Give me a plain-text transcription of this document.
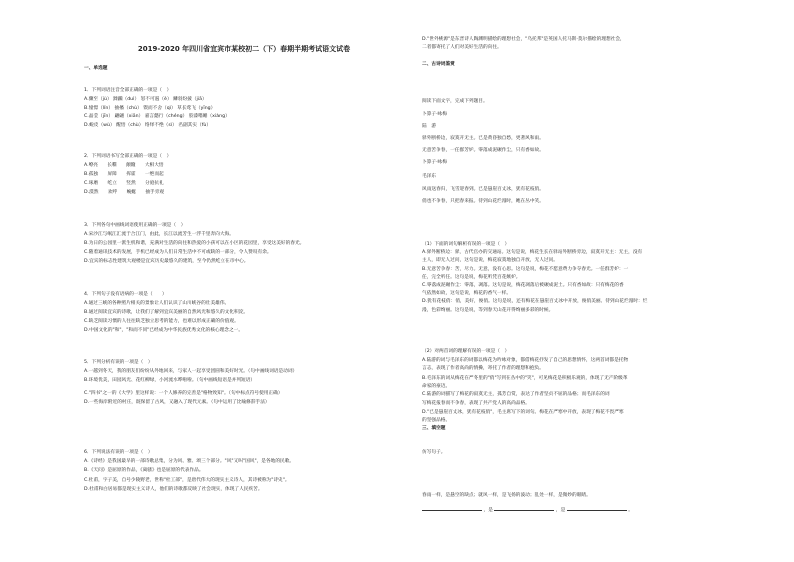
2019-2020 年四川省宜宾市某校初二（下）春期半期考试语文试卷
一、单选题
1．下列词语注音全部正确的一项是（　）
A.骤至（jù） 蹂躏（duì） 怒不可遏（è） 鳞羽纷披（jiā）
B.憧憬（lǐn） 抽搐（chù） 锲而不舍（qì） 草长莺飞（yīng）
C.晶莹（jīn） 翩翩（xiān） 嘉言懿行（chéng） 胶漆嗜睡（xiàng）
D.蜕皮（wù） 醒悟（chù） 络绎不绝（sì） 名副其实（fù）
2．下列词语书写全部正确的一项是（　）
A.嘹亮　　长嘶　　颠簸　　大相大悟
B.孤独　　屏障　　挥霍　　一绝而起
C.琢磨　　屹立　　竖然　　分庭抗礼
D.漠然　　欢呼　　蜿蜒　　抽手旁观
3．下列各句中画线词语使用正确的一项是（　）
A.宋沙江与岷江汇流于合江门，由此，长江以流芳生一浮千里奔向大海。
B.为日的公园里一派生机和谐，充满对生活的向往和热爱的小孩可以在小区的花园里，享受这美好的春光。
C.随着通讯技术的发展，手机已经成为人们日常生活中不可或缺的一部分，令人赞叹有余。
D.宜宾的标志性建筑大观楼是宜宾历史最悠久的建筑，至今仍然屹立在市中心。
4．下列句子没有语病的一项是（　　）
A.通过三峡的各种照片相关的景象让人们认识了山川峡谷的壮美雄伟。
B.通过阅读宜宾的诗歌，让我们了解到宜宾美丽的自然风光和悠久的文化积淀。
C.缺乏阅读习惯的人往往缺乏独立思考的能力，也难以形成正确的价值观。
D.中国文化的"和"，"和而不同"已经成为中华民族优秀文化的核心理念之一。
5．下列分析有误的一项是（　）
A.一越到冬天，我的朋友们纷纷从外地回来，与家人一起享受团圆和美好时光。（句中画线词语是动词）
B.环境优美，田园风光、花红柳绿，小河流水哗啦啦。（句中画线短语是并列短语）
C."四书"之一的《大学》里这样说：一个人修养的完善是"格物致知"。（句中标点符号使用正确）
D.一些海岸附近的村庄，既保留了古风，又融入了现代元素。（句中运用了比喻修辞手法）
6．下列说法有误的一项是（　）
A.《诗经》是我国最早的一部诗歌总集，分为风、雅、颂三个部分。"风"又叫"国风"，是各地的民歌。
B.《天问》是屈原的作品，《离骚》也是屈原的代表作品。
C.杜甫，字子美，自号少陵野老，世称"杜工部"，是唐代伟大的现实主义诗人，其诗被称为"诗史"。
D.杜甫和白居易都是现实主义诗人，他们的诗歌都反映了社会现实，体现了人民疾苦。
D."世外桃源"是东晋诗人陶渊明描绘的理想社会，"乌托邦"是英国人托马斯·莫尔描绘的理想社会，
二者都寄托了人们对美好生活的向往。
二、古诗词鉴赏
阅读下面文字，完成下列题目。
卜算子·咏梅
陆　游
驿外断桥边，寂寞开无主。已是黄昏独自愁，更著风和雨。
无意苦争春，一任群芳妒。零落成泥碾作尘，只有香如故。
卜算子·咏梅
毛泽东
风雨送春归，飞雪迎春到。已是悬崖百丈冰，犹有花枝俏。
俏也不争春，只把春来报。待到山花烂漫时，她在丛中笑。
（1）下面的词句解析有误的一项是（　）
A.驿外断桥边：驿，古代官办的交通站。这句是说，梅花生长在驿站外断桥旁边，寂寞开无主：无主，没有
主人，即无人过问，这句是说，梅花寂寞地独自开放，无人过问。
B.无意苦争春：苦，尽力。无意，没有心思。这句是说，梅花不愿意费力争夺春光。一任群芳妒：一
任，完全听任。这句是说，梅花听凭百花嫉妒。
C.零落成泥碾作尘：零落，凋落。这句是说，梅花凋落后被碾成泥土。只有香如故：只有梅花的香
气依然如故，这句是说，梅花的香气一样。
D.犹有花枝俏：俏，美好，俊俏。这句是说，还有梅花在悬崖百丈冰中开放，俊俏美丽。待到山花烂漫时：烂
漫，色彩绚丽。这句是说，等到春天山花开得绚丽多彩的时候。
（2）对两首词的理解有误的一项是（　）
A.陆游的词与毛泽东的词都以梅花为吟咏对象，都借梅花抒发了自己的思想情怀，这两首词都是托物
言志，表现了作者高尚的情操，寄托了作者的理想和抱负。
B.毛泽东的词从梅花在严冬里的"俏"写到在丛中的"笑"，可见梅花是积极乐观的，体现了无产阶级革
命家的豪迈。
C.陆游的词描写了梅花的寂寞无主，孤芳自赏，表达了作者坚贞不屈的品格；而毛泽东的词
写梅花报春而不争春，表现了共产党人的高尚品格。
D."已是悬崖百丈冰，犹有花枝俏"，毛主席写下的词句。梅花在严寒中开放，表现了梅花不畏严寒
的坚强品格。
三、填空题
仿写句子。
春雨一样，是悬空的缺点；就风一样，是飞扬的波动；乱处一样，是微妙的眼睛。
，是	，是	。
